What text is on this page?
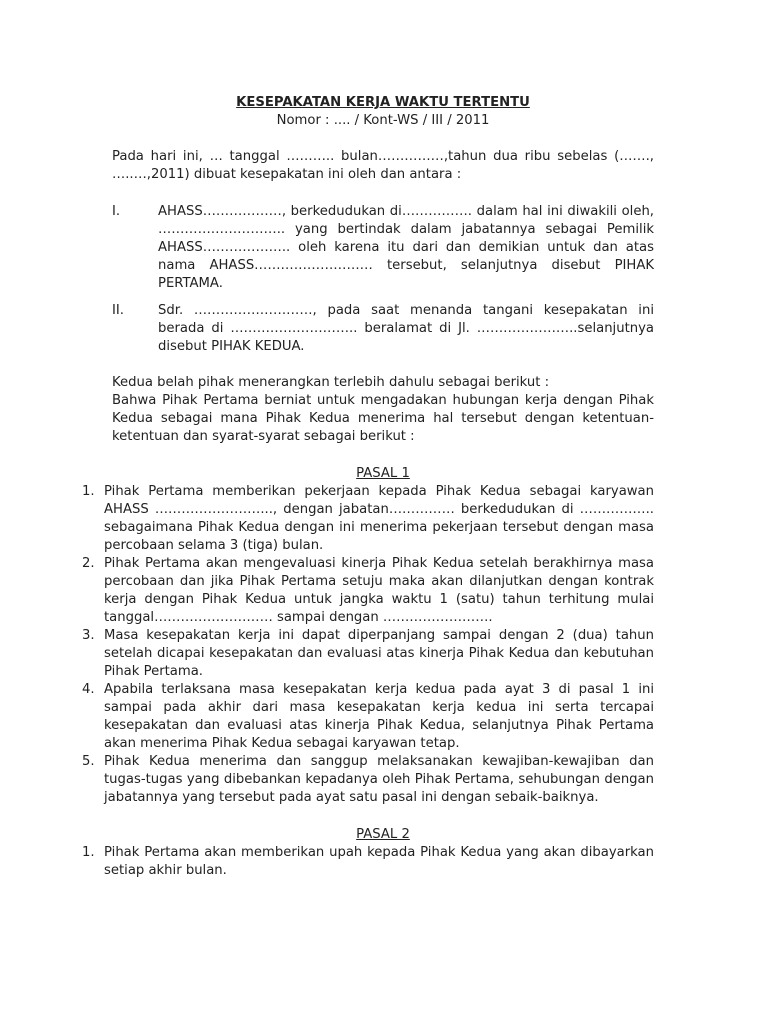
KESEPAKATAN KERJA WAKTU TERTENTU
Nomor : .... / Kont-WS / III / 2011
Pada hari ini, … tanggal ……….. bulan……………,tahun dua ribu sebelas (……., …..…,2011) dibuat kesepakatan ini oleh dan antara :
I.	AHASS………………, berkedudukan di……………. dalam hal ini diwakili oleh, ……………………….. yang bertindak dalam jabatannya sebagai Pemilik AHASS……………….. oleh karena itu dari dan demikian untuk dan atas nama AHASS……………………… tersebut, selanjutnya disebut PIHAK PERTAMA.
II.	Sdr. ………………………, pada saat menanda tangani kesepakatan ini berada di ……………………….. beralamat di Jl. …………………..selanjutnya disebut PIHAK KEDUA.
Kedua belah pihak menerangkan terlebih dahulu sebagai berikut :
Bahwa Pihak Pertama berniat untuk mengadakan hubungan kerja dengan Pihak Kedua sebagai mana Pihak Kedua menerima hal tersebut dengan ketentuan-ketentuan dan syarat-syarat sebagai berikut :
PASAL 1
1. Pihak Pertama memberikan pekerjaan kepada Pihak Kedua sebagai karyawan AHASS ……………………..., dengan jabatan…………… berkedudukan di …………….. sebagaimana Pihak Kedua dengan ini menerima pekerjaan tersebut dengan masa percobaan selama 3 (tiga) bulan.
2. Pihak Pertama akan mengevaluasi kinerja Pihak Kedua setelah berakhirnya masa percobaan dan jika Pihak Pertama setuju maka akan dilanjutkan dengan kontrak kerja dengan Pihak Kedua untuk jangka waktu 1 (satu) tahun terhitung mulai tanggal……………………… sampai dengan …………………….
3. Masa kesepakatan kerja ini dapat diperpanjang sampai dengan 2 (dua) tahun setelah dicapai kesepakatan dan evaluasi atas kinerja Pihak Kedua dan kebutuhan Pihak Pertama.
4. Apabila terlaksana masa kesepakatan kerja kedua pada ayat 3 di pasal 1 ini sampai pada akhir dari masa kesepakatan kerja kedua ini serta tercapai kesepakatan dan evaluasi atas kinerja Pihak Kedua, selanjutnya Pihak Pertama akan menerima Pihak Kedua sebagai karyawan tetap.
5. Pihak Kedua menerima dan sanggup melaksanakan kewajiban-kewajiban dan tugas-tugas yang dibebankan kepadanya oleh Pihak Pertama, sehubungan dengan jabatannya yang tersebut pada ayat satu pasal ini dengan sebaik-baiknya.
PASAL 2
1. Pihak Pertama akan memberikan upah kepada Pihak Kedua yang akan dibayarkan setiap akhir bulan.
